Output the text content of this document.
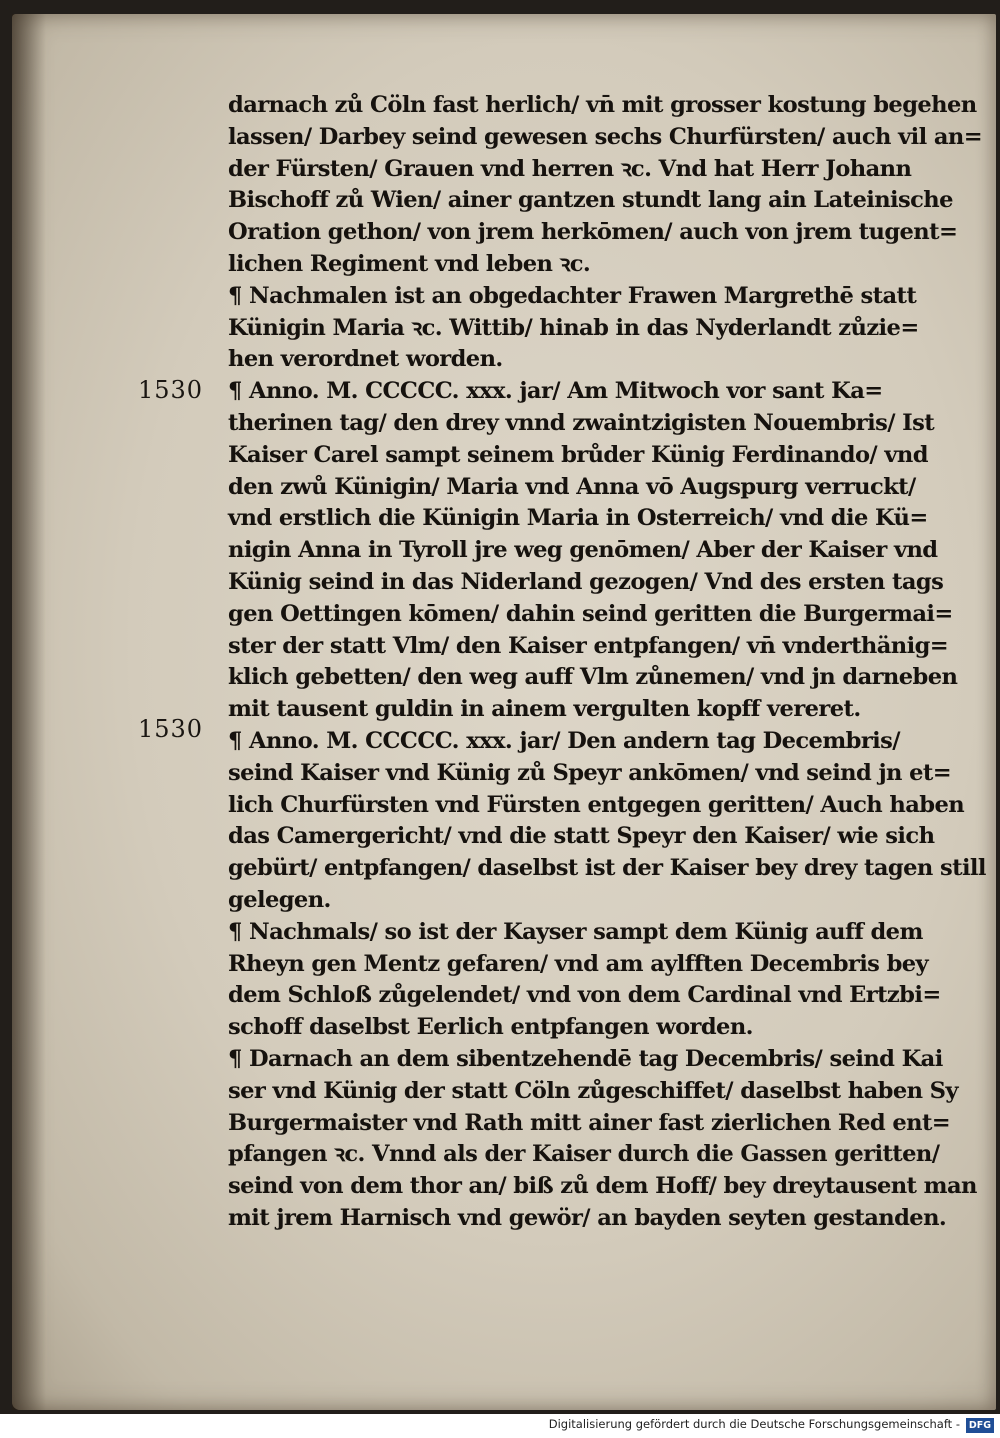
1530
1530
darnach zů Cöln fast herlich/ vn̄ mit grosser kostung begehen
lassen/ Darbey seind gewesen sechs Churfürsten/ auch vil an=
der Fürsten/ Grauen vnd herren ꝛc. Vnd hat Herr Johann
Bischoff zů Wien/ ainer gantzen stundt lang ain Lateinische
Oration gethon/ von jrem herkōmen/ auch von jrem tugent=
lichen Regiment vnd leben ꝛc.
¶ Nachmalen ist an obgedachter Frawen Margrethē statt
Künigin Maria ꝛc. Wittib/ hinab in das Nyderlandt zůzie=
hen verordnet worden.
¶ Anno. M. CCCCC. xxx. jar/ Am Mitwoch vor sant Ka=
therinen tag/ den drey vnnd zwaintzigisten Nouembris/ Ist
Kaiser Carel sampt seinem brůder Künig Ferdinando/ vnd
den zwů Künigin/ Maria vnd Anna vō Augspurg verruckt/
vnd erstlich die Künigin Maria in Osterreich/ vnd die Kü=
nigin Anna in Tyroll jre weg genōmen/ Aber der Kaiser vnd
Künig seind in das Niderland gezogen/ Vnd des ersten tags
gen Oettingen kōmen/ dahin seind geritten die Burgermai=
ster der statt Vlm/ den Kaiser entpfangen/ vn̄ vnderthänig=
klich gebetten/ den weg auff Vlm zůnemen/ vnd jn darneben
mit tausent guldin in ainem vergulten kopff vereret.
¶ Anno. M. CCCCC. xxx. jar/ Den andern tag Decembris/
seind Kaiser vnd Künig zů Speyr ankōmen/ vnd seind jn et=
lich Churfürsten vnd Fürsten entgegen geritten/ Auch haben
das Camergericht/ vnd die statt Speyr den Kaiser/ wie sich
gebürt/ entpfangen/ daselbst ist der Kaiser bey drey tagen still
gelegen.
¶ Nachmals/ so ist der Kayser sampt dem Künig auff dem
Rheyn gen Mentz gefaren/ vnd am aylfften Decembris bey
dem Schloß zůgelendet/ vnd von dem Cardinal vnd Ertzbi=
schoff daselbst Eerlich entpfangen worden.
¶ Darnach an dem sibentzehendē tag Decembris/ seind Kai
ser vnd Künig der statt Cöln zůgeschiffet/ daselbst haben Sy
Burgermaister vnd Rath mitt ainer fast zierlichen Red ent=
pfangen ꝛc. Vnnd als der Kaiser durch die Gassen geritten/
seind von dem thor an/ biß zů dem Hoff/ bey dreytausent man
mit jrem Harnisch vnd gewör/ an bayden seyten gestanden.
Digitalisierung gefördert durch die Deutsche Forschungsgemeinschaft - DFG
